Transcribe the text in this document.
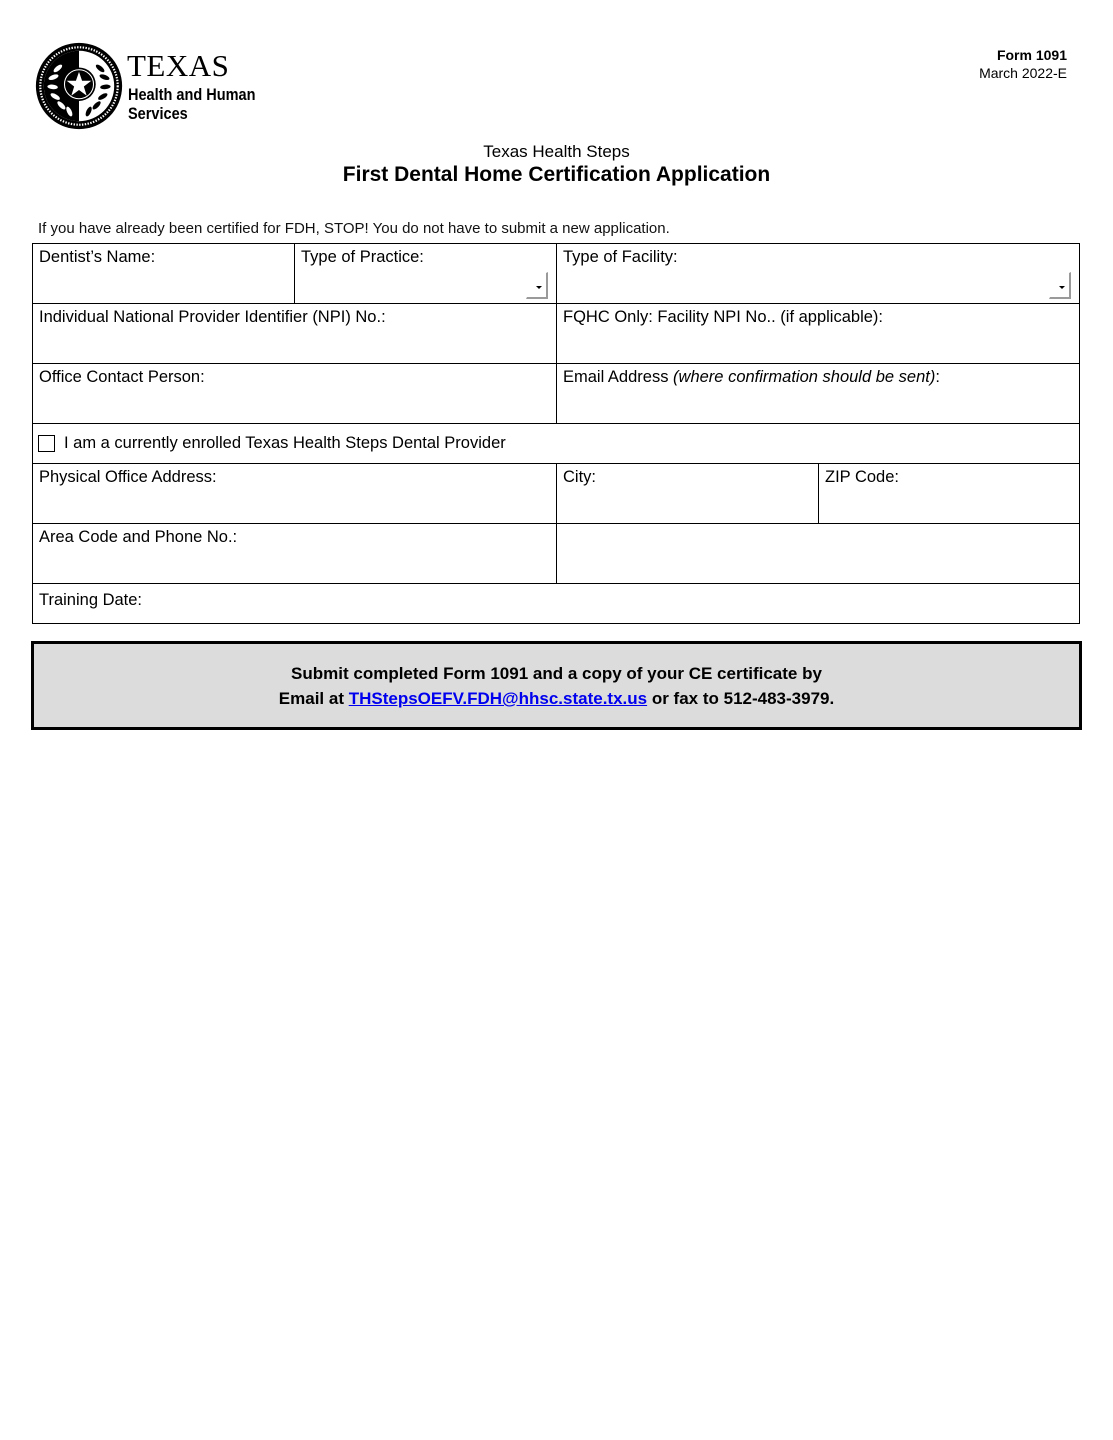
TEXAS
Health and Human
Services
Form 1091
March 2022-E
Texas Health Steps
First Dental Home Certification Application
If you have already been certified for FDH, STOP! You do not have to submit a new application.
Dentist’s Name:	Type of Practice:	Type of Facility:
Individual National Provider Identifier (NPI) No.:	FQHC Only: Facility NPI No.. (if applicable):
Office Contact Person:	Email Address (where confirmation should be sent):
I am a currently enrolled Texas Health Steps Dental Provider
Physical Office Address:	City:	ZIP Code:
Area Code and Phone No.:
Training Date:
Submit completed Form 1091 and a copy of your CE certificate by
Email at THStepsOEFV.FDH@hhsc.state.tx.us or fax to 512-483-3979.
